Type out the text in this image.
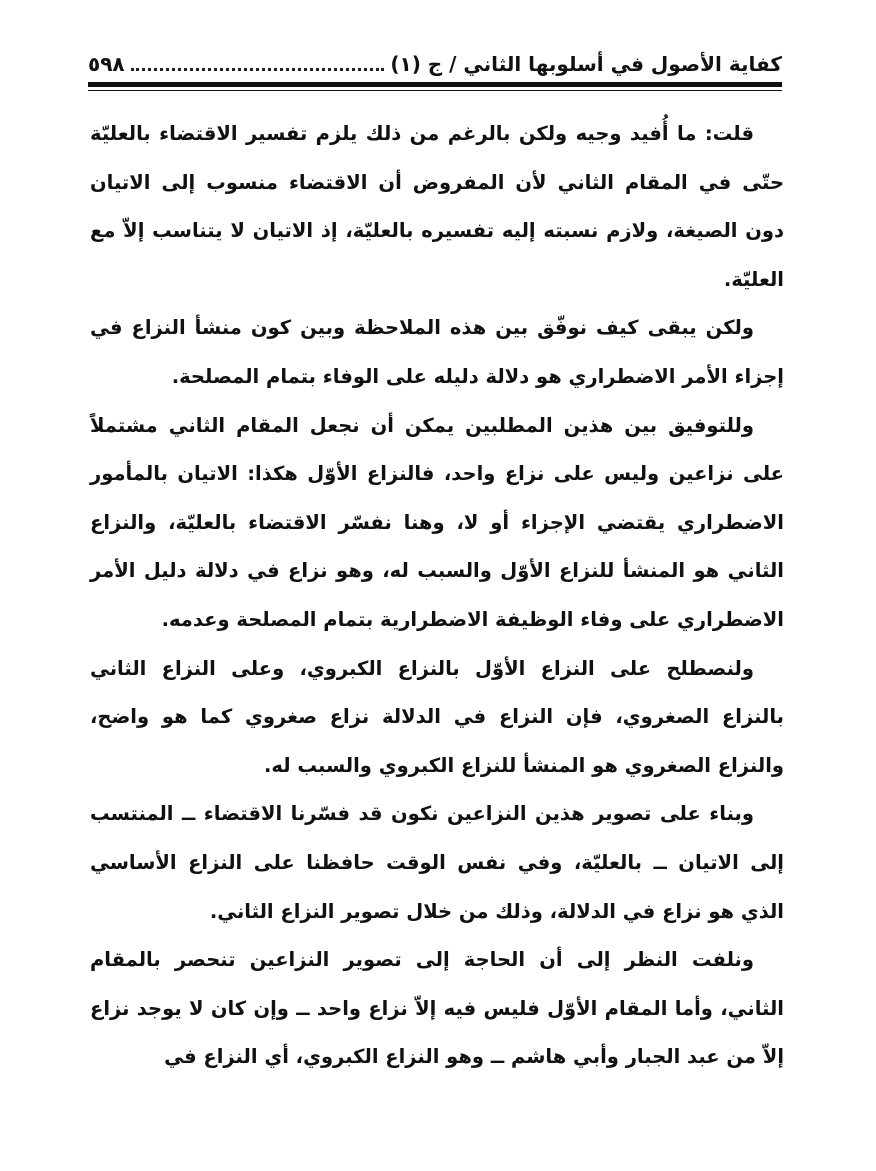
كفاية الأصول في أسلوبها الثاني / ج (١)
٥٩٨

قلت: ما أُفيد وجيه ولكن بالرغم من ذلك يلزم تفسير الاقتضاء بالعليّة حتّى في المقام الثاني لأن المفروض أن الاقتضاء منسوب إلى الاتيان دون الصيغة، ولازم نسبته إليه تفسيره بالعليّة، إذ الاتيان لا يتناسب إلاّ مع العليّة.

ولكن يبقى كيف نوفّق بين هذه الملاحظة وبين كون منشأ النزاع في إجزاء الأمر الاضطراري هو دلالة دليله على الوفاء بتمام المصلحة.

وللتوفيق بين هذين المطلبين يمكن أن نجعل المقام الثاني مشتملاً على نزاعين وليس على نزاع واحد، فالنزاع الأوّل هكذا: الاتيان بالمأمور الاضطراري يقتضي الإجزاء أو لا، وهنا نفسّر الاقتضاء بالعليّة، والنزاع الثاني هو المنشأ للنزاع الأوّل والسبب له، وهو نزاع في دلالة دليل الأمر الاضطراري على وفاء الوظيفة الاضطرارية بتمام المصلحة وعدمه.

ولنصطلح على النزاع الأوّل بالنزاع الكبروي، وعلى النزاع الثاني بالنزاع الصغروي، فإن النزاع في الدلالة نزاع صغروي كما هو واضح، والنزاع الصغروي هو المنشأ للنزاع الكبروي والسبب له.

وبناء على تصوير هذين النزاعين نكون قد فسّرنا الاقتضاء ــ المنتسب إلى الاتيان ــ بالعليّة، وفي نفس الوقت حافظنا على النزاع الأساسي الذي هو نزاع في الدلالة، وذلك من خلال تصوير النزاع الثاني.

ونلفت النظر إلى أن الحاجة إلى تصوير النزاعين تنحصر بالمقام الثاني، وأما المقام الأوّل فليس فيه إلاّ نزاع واحد ــ وإن كان لا يوجد نزاع إلاّ من عبد الجبار وأبي هاشم ــ وهو النزاع الكبروي، أي النزاع في
